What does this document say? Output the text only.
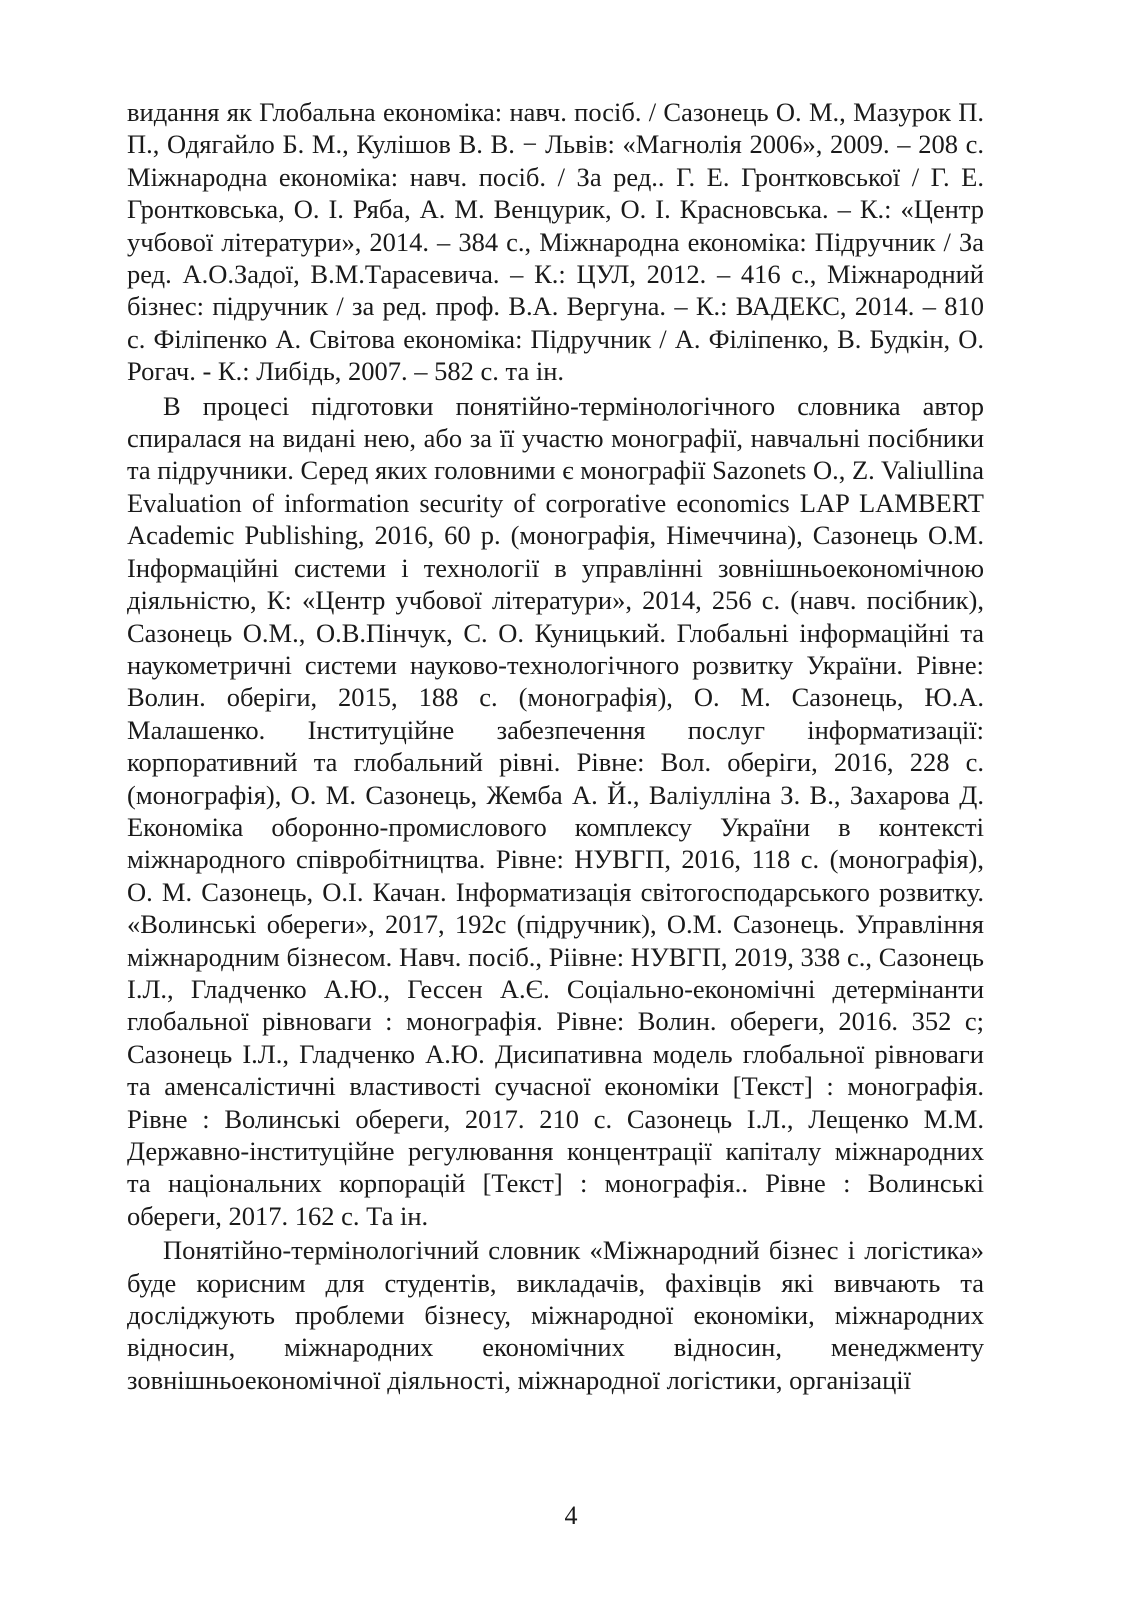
видання як Глобальна економіка: навч. посіб. / Сазонець О. М., Мазурок П. П., Одягайло Б. М., Кулішов В. В. − Львів: «Магнолія 2006», 2009. – 208 с. Міжнародна економіка: навч. посіб. / За ред.. Г. Е. Гронтковської / Г. Е. Гронтковська, О. І. Ряба, А. М. Венцурик, О. І. Красновська. – К.: «Центр учбової літератури», 2014. – 384 с., Міжнародна економіка: Підручник / За ред. А.О.Задої, В.М.Тарасевича. – К.: ЦУЛ, 2012. – 416 с., Міжнародний бізнес: підручник / за ред. проф. В.А. Вергуна. – К.: ВАДЕКС, 2014. – 810 с. Філіпенко А. Світова економіка: Підручник / А. Філіпенко, В. Будкін, О. Рогач. - К.: Либідь, 2007. – 582 с. та ін.

В процесі підготовки понятійно-термінологічного словника автор спиралася на видані нею, або за її участю монографії, навчальні посібники та підручники. Серед яких головними є монографії Sazonets O., Z. Valiullina Evaluation of information security of corporative economics LAP LAMBERT Academic Publishing, 2016, 60 p. (монографія, Німеччина), Сазонець О.М. Інформаційні системи і технології в управлінні зовнішньоекономічною діяльністю, К: «Центр учбової літератури», 2014, 256 с. (навч. посібник), Сазонець О.М., О.В.Пінчук, С. О. Куницький. Глобальні інформаційні та наукометричні системи науково-технологічного розвитку України. Рівне: Волин. оберіги, 2015, 188 с. (монографія), О. М. Сазонець, Ю.А. Малашенко. Інституційне забезпечення послуг інформатизації: корпоративний та глобальний рівні. Рівне: Вол. оберіги, 2016, 228 с. (монографія), О. М. Сазонець, Жемба А. Й., Валіулліна З. В., Захарова Д. Економіка оборонно-промислового комплексу України в контексті міжнародного співробітництва. Рівне: НУВГП, 2016, 118 с. (монографія), О. М. Сазонець, О.І. Качан. Інформатизація світогосподарського розвитку. «Волинські обереги», 2017, 192с (підручник), О.М. Сазонець. Управління міжнародним бізнесом. Навч. посіб., Ріівне: НУВГП, 2019, 338 с., Сазонець І.Л., Гладченко А.Ю., Гессен А.Є. Соціально-економічні детермінанти глобальної рівноваги : монографія. Рівне: Волин. обереги, 2016. 352 с; Сазонець І.Л., Гладченко А.Ю. Дисипативна модель глобальної рівноваги та аменсалістичні властивості сучасної економіки [Текст] : монографія. Рівне : Волинські обереги, 2017. 210 с. Сазонець І.Л., Лещенко М.М. Державно-інституційне регулювання концентрації капіталу міжнародних та національних корпорацій [Текст] : монографія.. Рівне : Волинські обереги, 2017. 162 с. Та ін.

Понятійно-термінологічний словник «Міжнародний бізнес і логістика» буде корисним для студентів, викладачів, фахівців які вивчають та досліджують проблеми бізнесу, міжнародної економіки, міжнародних відносин, міжнародних економічних відносин, менеджменту зовнішньоекономічної діяльності, міжнародної логістики, організації

4
